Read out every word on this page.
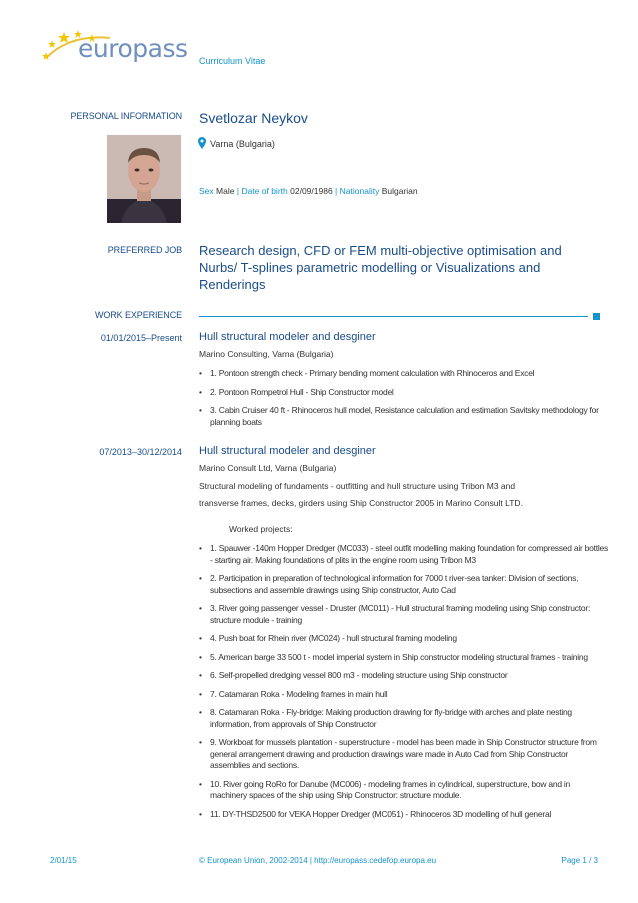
europass Curriculum Vitae
PERSONAL INFORMATION Svetlozar Neykov
Varna (Bulgaria)
Sex Male | Date of birth 02/09/1986 | Nationality Bulgarian
PREFERRED JOB Research design, CFD or FEM multi-objective optimisation and Nurbs/ T-splines parametric modelling or Visualizations and Renderings
WORK EXPERIENCE
01/01/2015–Present Hull structural modeler and desginer
Marino Consulting, Varna (Bulgaria)
• 1. Pontoon strength check - Primary bending moment calculation with Rhinoceros and Excel
• 2. Pontoon Rompetrol Hull - Ship Constructor model
• 3. Cabin Cruiser 40 ft - Rhinoceros hull model, Resistance calculation and estimation Savitsky methodology for planning boats
07/2013–30/12/2014 Hull structural modeler and desginer
Marino Consult Ltd, Varna (Bulgaria)
Structural modeling of fundaments - outfitting and hull structure using Tribon M3 and
transverse frames, decks, girders using Ship Constructor 2005 in Marino Consult LTD.
Worked projects:
• 1. Spauwer -140m Hopper Dredger (MC033) - steel outfit modelling making foundation for compressed air bottles - starting air. Making foundations of plits in the engine room using Tribon M3
• 2. Participation in preparation of technological information for 7000 t river-sea tanker: Division of sections, subsections and assemble drawings using Ship constructor, Auto Cad
• 3. River going passenger vessel - Druster (MC011) - Hull structural framing modeling using Ship constructor: structure module - training
• 4. Push boat for Rhein river (MC024) - hull structural framing modeling
• 5. American barge 33 500 t - model imperial system in Ship constructor modeling structural frames - training
• 6. Self-propelled dredging vessel 800 m3 - modeling structure using Ship constructor
• 7. Catamaran Roka - Modeling frames in main hull
• 8. Catamaran Roka - Fly-bridge: Making production drawing for fly-bridge with arches and plate nesting information, from approvals of Ship Constructor
• 9. Workboat for mussels plantation - superstructure - model has been made in Ship Constructor structure from general arrangement drawing and production drawings ware made in Auto Cad from Ship Constructor assemblies and sections.
• 10. River going RoRo for Danube (MC006) - modeling frames in cylindrical, superstructure, bow and in machinery spaces of the ship using Ship Constructor: structure module.
• 11. DY-THSD2500 for VEKA Hopper Dredger (MC051) - Rhinoceros 3D modelling of hull general
2/01/15	© European Union, 2002-2014 | http://europass.cedefop.europa.eu	Page 1 / 3
